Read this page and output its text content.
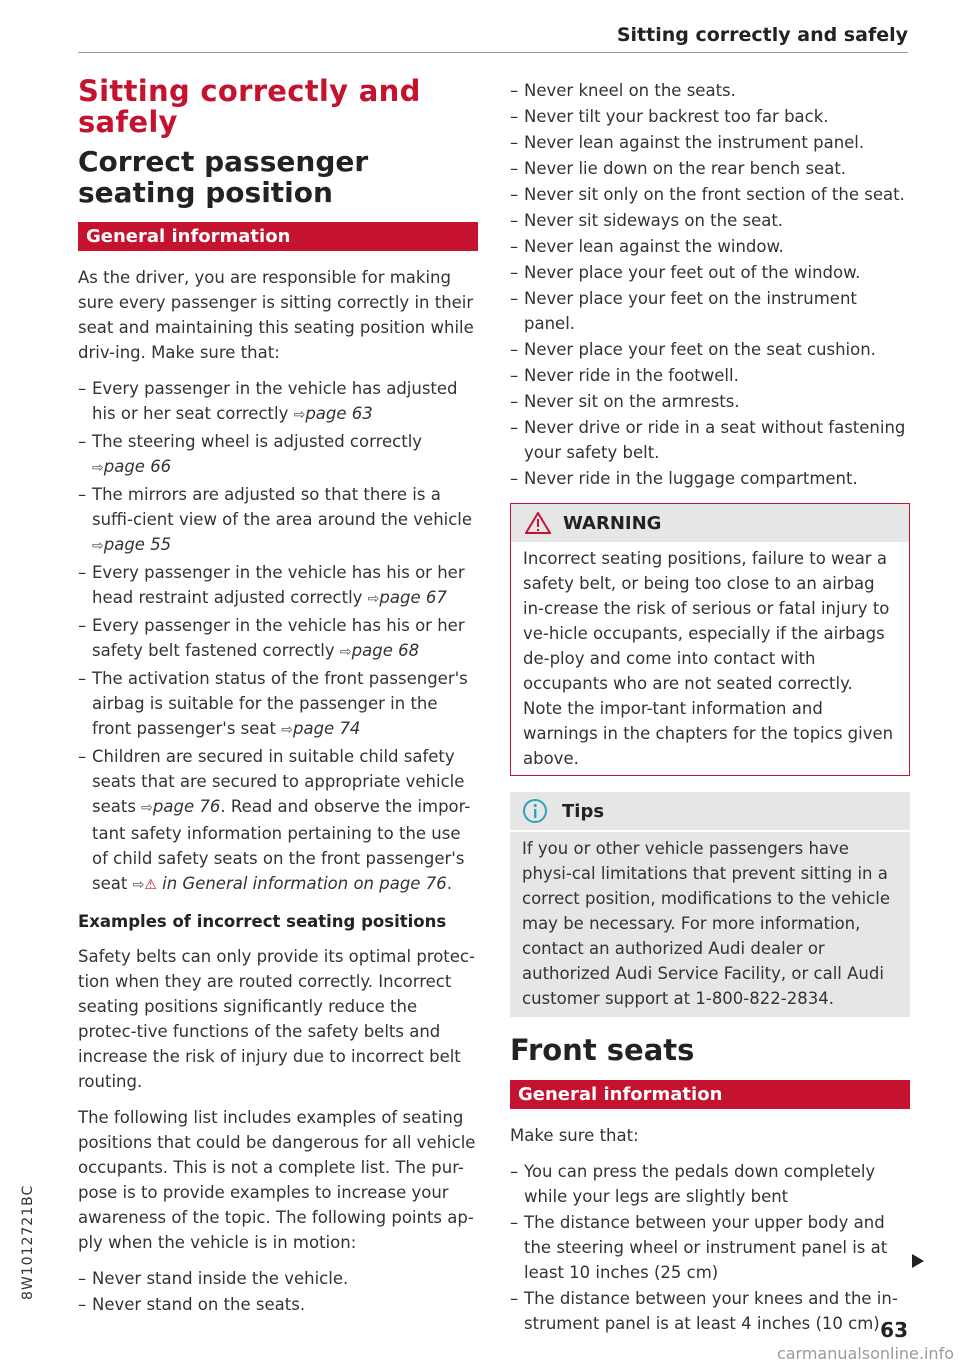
Sitting correctly and safely
Sitting correctly and safely
Correct passenger seating position
General information

As the driver, you are responsible for making sure every passenger is sitting correctly in their seat and maintaining this seating position while driv-ing. Make sure that:

– Every passenger in the vehicle has adjusted his or her seat correctly ⇨page 63
– The steering wheel is adjusted correctly ⇨page 66
– The mirrors are adjusted so that there is a suffi-cient view of the area around the vehicle ⇨page 55
– Every passenger in the vehicle has his or her head restraint adjusted correctly ⇨page 67
– Every passenger in the vehicle has his or her safety belt fastened correctly ⇨page 68
– The activation status of the front passenger's airbag is suitable for the passenger in the front passenger's seat ⇨page 74
– Children are secured in suitable child safety seats that are secured to appropriate vehicle seats ⇨page 76. Read and observe the impor-tant safety information pertaining to the use of child safety seats on the front passenger's seat ⇨⚠ in General information on page 76.
Examples of incorrect seating positions

Safety belts can only provide its optimal protec-tion when they are routed correctly. Incorrect seating positions significantly reduce the protec-tive functions of the safety belts and increase the risk of injury due to incorrect belt routing.

The following list includes examples of seating positions that could be dangerous for all vehicle occupants. This is not a complete list. The pur-pose is to provide examples to increase your awareness of the topic. The following points ap-ply when the vehicle is in motion:

– Never stand inside the vehicle.
– Never stand on the seats.
– Never kneel on the seats.
– Never tilt your backrest too far back.
– Never lean against the instrument panel.
– Never lie down on the rear bench seat.
– Never sit only on the front section of the seat.
– Never sit sideways on the seat.
– Never lean against the window.
– Never place your feet out of the window.
– Never place your feet on the instrument panel.
– Never place your feet on the seat cushion.
– Never ride in the footwell.
– Never sit on the armrests.
– Never drive or ride in a seat without fastening your safety belt.
– Never ride in the luggage compartment.
WARNING

Incorrect seating positions, failure to wear a safety belt, or being too close to an airbag in-crease the risk of serious or fatal injury to ve-hicle occupants, especially if the airbags de-ploy and come into contact with occupants who are not seated correctly. Note the impor-tant information and warnings in the chapters for the topics given above.

Tips

If you or other vehicle passengers have physi-cal limitations that prevent sitting in a correct position, modifications to the vehicle may be necessary. For more information, contact an authorized Audi dealer or authorized Audi Service Facility, or call Audi customer support at 1-800-822-2834.

Front seats
General information

Make sure that:

– You can press the pedals down completely while your legs are slightly bent
– The distance between your upper body and the steering wheel or instrument panel is at least 10 inches (25 cm)
– The distance between your knees and the in-strument panel is at least 4 inches (10 cm)
8W1012721BC
63
carmanualsonline.info
